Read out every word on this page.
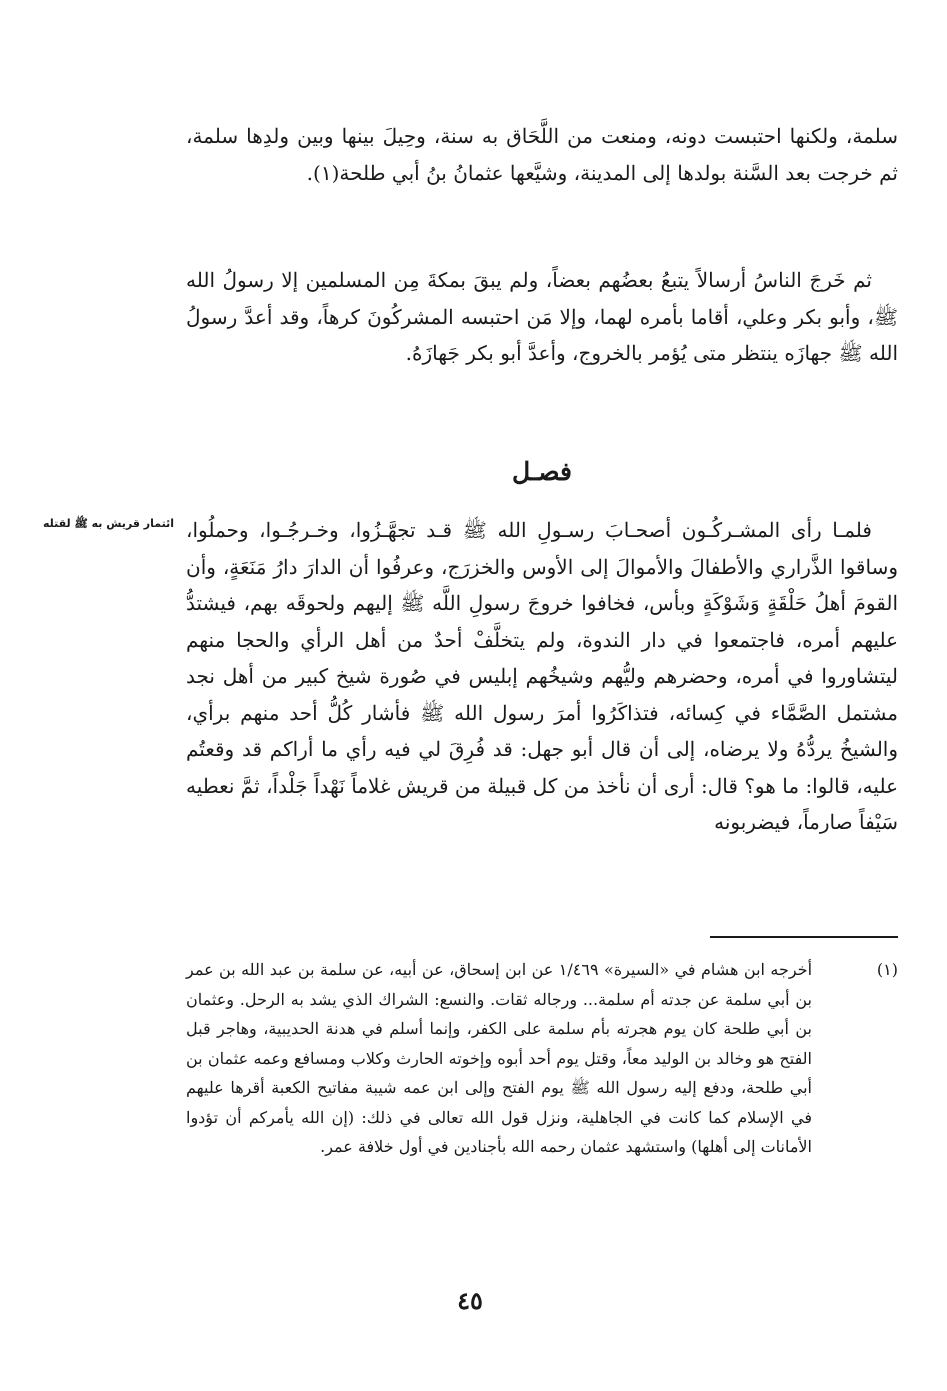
سلمة، ولكنها احتبست دونه، ومنعت من اللَّحَاق به سنة، وحِيلَ بينها وبين ولدِها سلمة، ثم خرجت بعد السَّنة بولدها إلى المدينة، وشيَّعها عثمانُ بنُ أبي طلحة(١).

ثم خَرجَ الناسُ أرسالاً يتبعُ بعضُهم بعضاً، ولم يبقَ بمكةَ مِن المسلمين إلا رسولُ الله ﷺ، وأبو بكر وعلي، أقاما بأمره لهما، وإلا مَن احتبسه المشركُونَ كرهاً، وقد أعدَّ رسولُ الله ﷺ جهازَه ينتظر متى يُؤمر بالخروج، وأعدَّ أبو بكر جَهازَهُ.

فصـل
ائتمار قريش به ﷺ لقتله فلمـا رأى المشـركُـون أصحـابَ رسـولِ الله ﷺ قـد تجهَّـزُوا، وخـرجُـوا، وحملُوا، وساقوا الذَّراري والأطفالَ والأموالَ إلى الأوس والخزرَج، وعرفُوا أن الدارَ دارُ مَنَعَةٍ، وأن القومَ أهلُ حَلْقَةٍ وَشَوْكَةٍ وبأس، فخافوا خروجَ رسولِ اللَّه ﷺ إليهم ولحوقَه بهم، فيشتدُّ عليهم أمره، فاجتمعوا في دار الندوة، ولم يتخلَّفْ أحدٌ من أهل الرأي والحجا منهم ليتشاوروا في أمره، وحضرهم وليُّهم وشيخُهم إبليس في صُورة شيخ كبير من أهل نجد مشتمل الصَّمَّاء في كِسائه، فتذاكَرُوا أمرَ رسول الله ﷺ فأشار كُلُّ أحد منهم برأي، والشيخُ يردُّهُ ولا يرضاه، إلى أن قال أبو جهل: قد فُرِقَ لي فيه رأي ما أراكم قد وقعتُم عليه، قالوا: ما هو؟ قال: أرى أن نأخذ من كل قبيلة من قريش غلاماً نَهْداً جَلْداً، ثمَّ نعطيه سَيْفاً صارماً، فيضربونه

(١)
أخرجه ابن هشام في «السيرة» ١/٤٦٩ عن ابن إسحاق، عن أبيه، عن سلمة بن عبد الله بن عمر بن أبي سلمة عن جدته أم سلمة... ورجاله ثقات. والنسع: الشراك الذي يشد به الرحل. وعثمان بن أبي طلحة كان يوم هجرته بأم سلمة على الكفر، وإنما أسلم في هدنة الحديبية، وهاجر قبل الفتح هو وخالد بن الوليد معاً، وقتل يوم أحد أبوه وإخوته الحارث وكلاب ومسافع وعمه عثمان بن أبي طلحة، ودفع إليه رسول الله ﷺ يوم الفتح وإلى ابن عمه شيبة مفاتيح الكعبة أقرها عليهم في الإسلام كما كانت في الجاهلية، ونزل قول الله تعالى في ذلك: (إن الله يأمركم أن تؤدوا الأمانات إلى أهلها) واستشهد عثمان رحمه الله بأجنادين في أول خلافة عمر.
٤٥
